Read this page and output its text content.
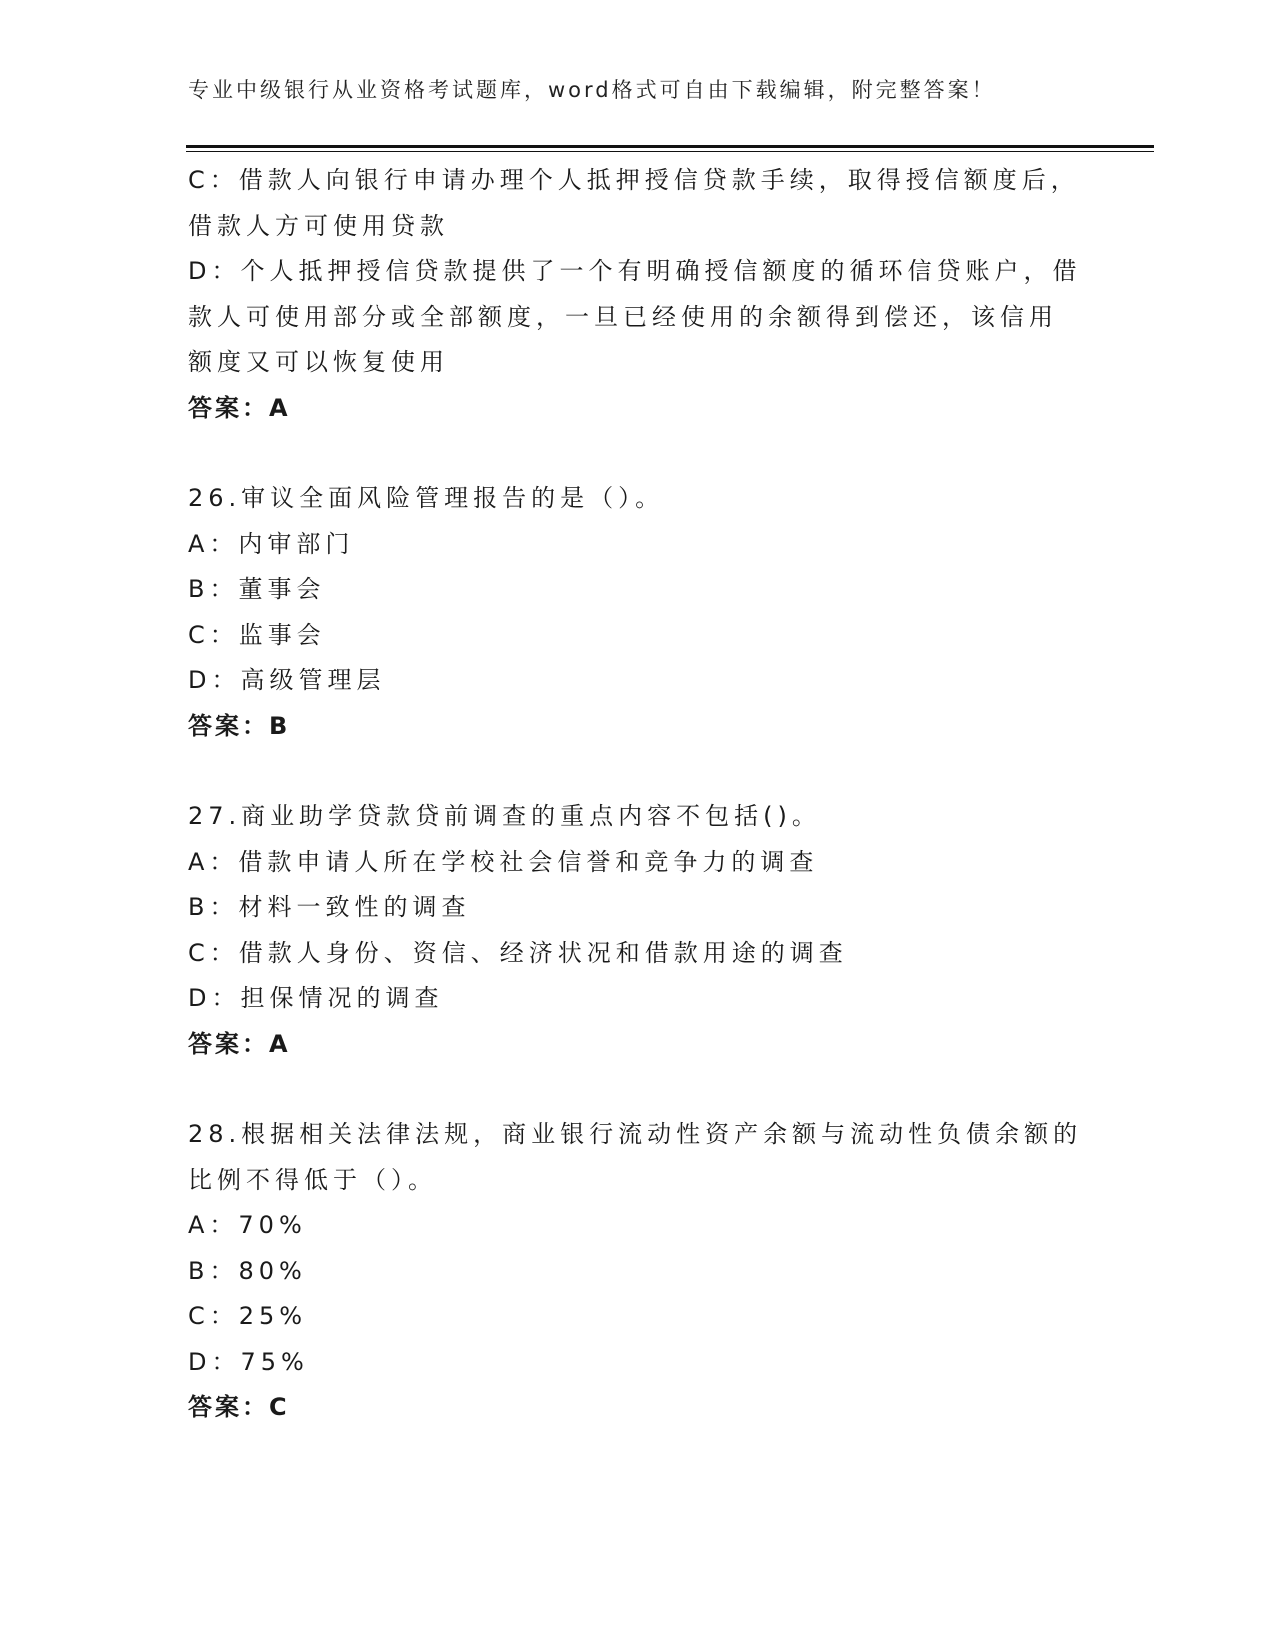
专业中级银行从业资格考试题库，word格式可自由下载编辑，附完整答案！
C：借款人向银行申请办理个人抵押授信贷款手续，取得授信额度后，
借款人方可使用贷款
D：个人抵押授信贷款提供了一个有明确授信额度的循环信贷账户，借
款人可使用部分或全部额度，一旦已经使用的余额得到偿还，该信用
额度又可以恢复使用
答案：A
26.审议全面风险管理报告的是（）。
A：内审部门
B：董事会
C：监事会
D：高级管理层
答案：B
27.商业助学贷款贷前调查的重点内容不包括()。
A：借款申请人所在学校社会信誉和竞争力的调查
B：材料一致性的调查
C：借款人身份、资信、经济状况和借款用途的调查
D：担保情况的调查
答案：A
28.根据相关法律法规，商业银行流动性资产余额与流动性负债余额的
比例不得低于（）。
A：70%
B：80%
C：25%
D：75%
答案：C
